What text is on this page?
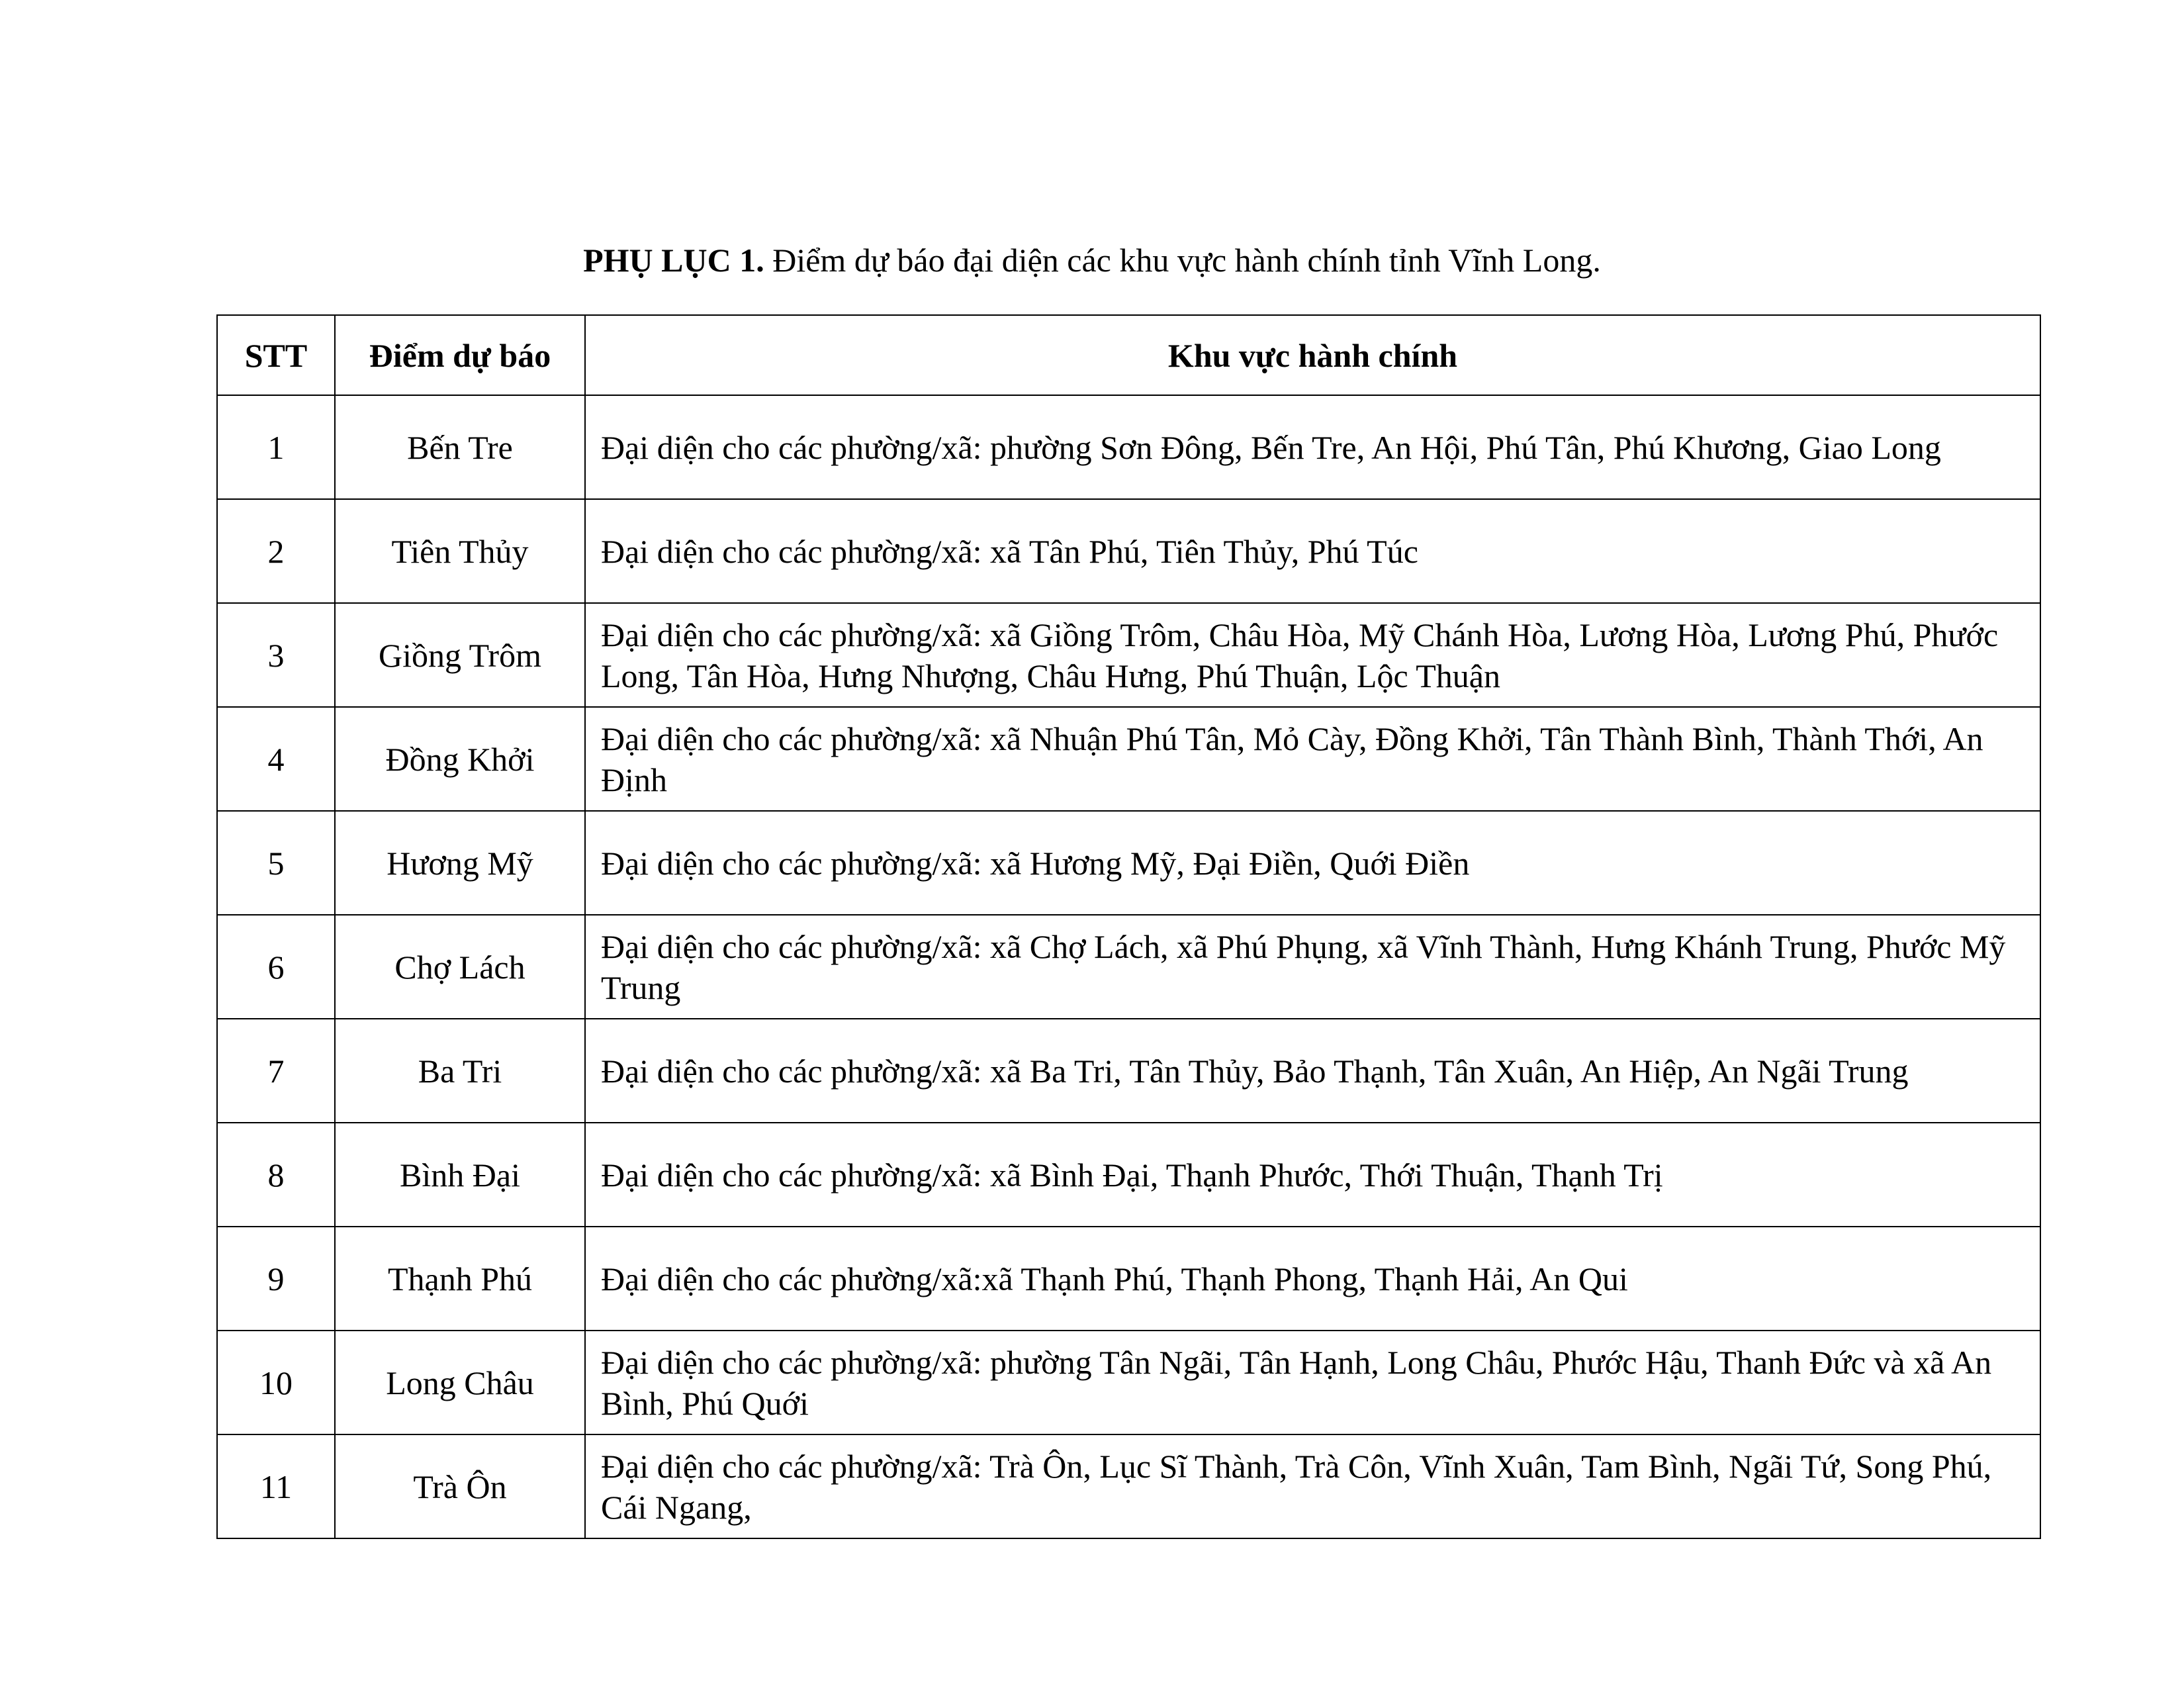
PHỤ LỤC 1. Điểm dự báo đại diện các khu vực hành chính tỉnh Vĩnh Long.
STT	Điểm dự báo	Khu vực hành chính
1	Bến Tre	Đại diện cho các phường/xã: phường Sơn Đông, Bến Tre, An Hội, Phú Tân, Phú Khương, Giao Long
2	Tiên Thủy	Đại diện cho các phường/xã: xã Tân Phú, Tiên Thủy, Phú Túc
3	Giồng Trôm	Đại diện cho các phường/xã: xã Giồng Trôm, Châu Hòa, Mỹ Chánh Hòa, Lương Hòa, Lương Phú, Phước Long, Tân Hòa, Hưng Nhượng, Châu Hưng, Phú Thuận, Lộc Thuận
4	Đồng Khởi	Đại diện cho các phường/xã: xã Nhuận Phú Tân, Mỏ Cày, Đồng Khởi, Tân Thành Bình, Thành Thới, An Định
5	Hương Mỹ	Đại diện cho các phường/xã: xã Hương Mỹ, Đại Điền, Quới Điền
6	Chợ Lách	Đại diện cho các phường/xã: xã Chợ Lách, xã Phú Phụng, xã Vĩnh Thành, Hưng Khánh Trung, Phước Mỹ Trung
7	Ba Tri	Đại diện cho các phường/xã: xã Ba Tri, Tân Thủy, Bảo Thạnh, Tân Xuân, An Hiệp, An Ngãi Trung
8	Bình Đại	Đại diện cho các phường/xã: xã Bình Đại, Thạnh Phước, Thới Thuận, Thạnh Trị
9	Thạnh Phú	Đại diện cho các phường/xã:xã Thạnh Phú, Thạnh Phong, Thạnh Hải, An Qui
10	Long Châu	Đại diện cho các phường/xã: phường Tân Ngãi, Tân Hạnh, Long Châu, Phước Hậu, Thanh Đức và xã An Bình, Phú Quới
11	Trà Ôn	Đại diện cho các phường/xã: Trà Ôn, Lục Sĩ Thành, Trà Côn, Vĩnh Xuân, Tam Bình, Ngãi Tứ, Song Phú, Cái Ngang,
